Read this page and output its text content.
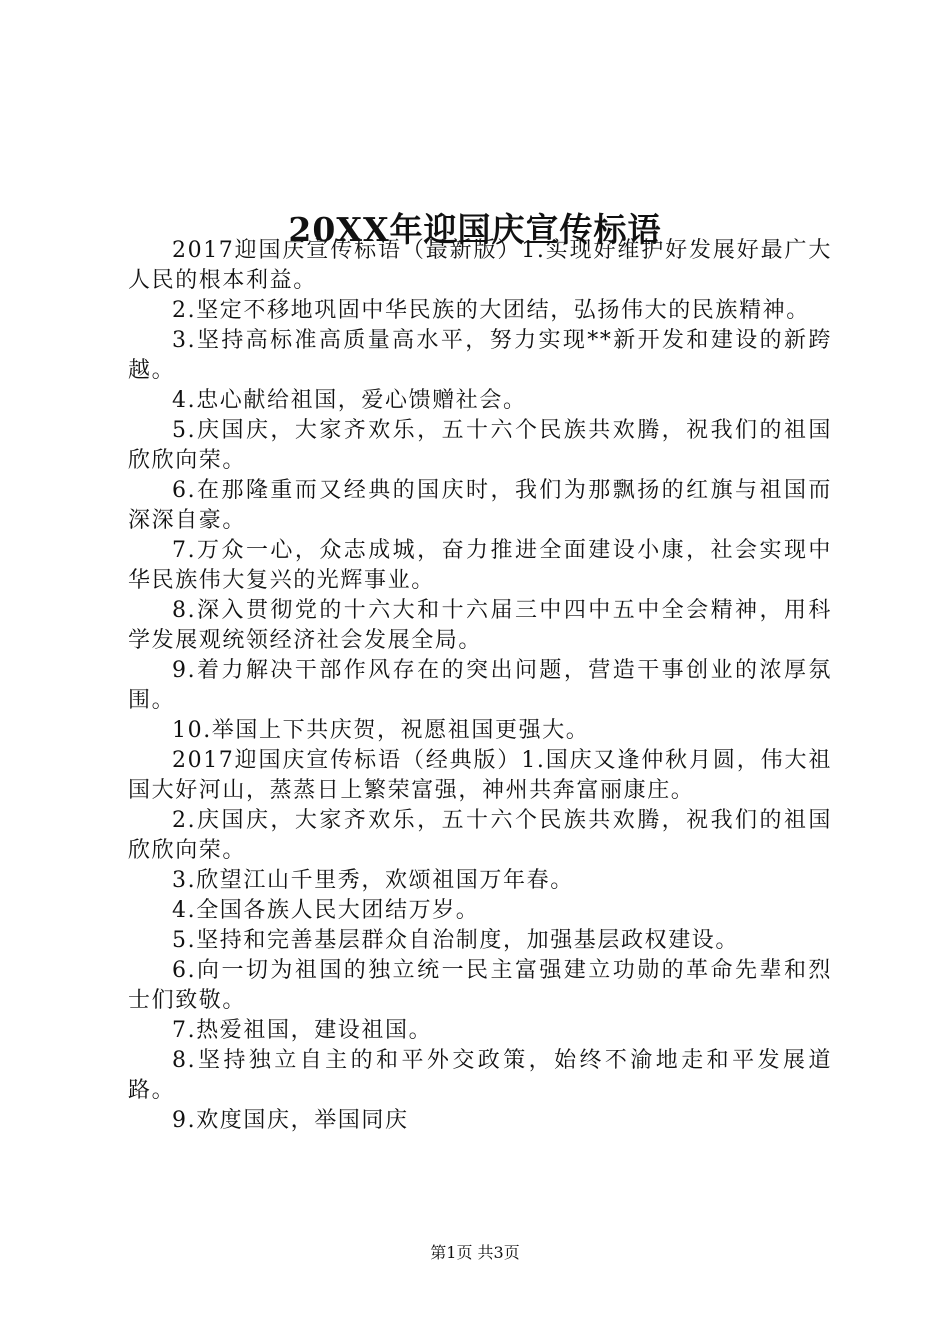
20XX年迎国庆宣传标语

2017迎国庆宣传标语（最新版）1.实现好维护好发展好最广大人民的根本利益。

2.坚定不移地巩固中华民族的大团结，弘扬伟大的民族精神。

3.坚持高标准高质量高水平，努力实现**新开发和建设的新跨越。

4.忠心献给祖国，爱心馈赠社会。

5.庆国庆，大家齐欢乐，五十六个民族共欢腾，祝我们的祖国欣欣向荣。

6.在那隆重而又经典的国庆时，我们为那飘扬的红旗与祖国而深深自豪。

7.万众一心，众志成城，奋力推进全面建设小康，社会实现中华民族伟大复兴的光辉事业。

8.深入贯彻党的十六大和十六届三中四中五中全会精神，用科学发展观统领经济社会发展全局。

9.着力解决干部作风存在的突出问题，营造干事创业的浓厚氛围。

10.举国上下共庆贺，祝愿祖国更强大。

2017迎国庆宣传标语（经典版）1.国庆又逢仲秋月圆，伟大祖国大好河山，蒸蒸日上繁荣富强，神州共奔富丽康庄。

2.庆国庆，大家齐欢乐，五十六个民族共欢腾，祝我们的祖国欣欣向荣。

3.欣望江山千里秀，欢颂祖国万年春。

4.全国各族人民大团结万岁。

5.坚持和完善基层群众自治制度，加强基层政权建设。

6.向一切为祖国的独立统一民主富强建立功勋的革命先辈和烈士们致敬。

7.热爱祖国，建设祖国。

8.坚持独立自主的和平外交政策，始终不渝地走和平发展道路。

9.欢度国庆，举国同庆

第1页 共3页
